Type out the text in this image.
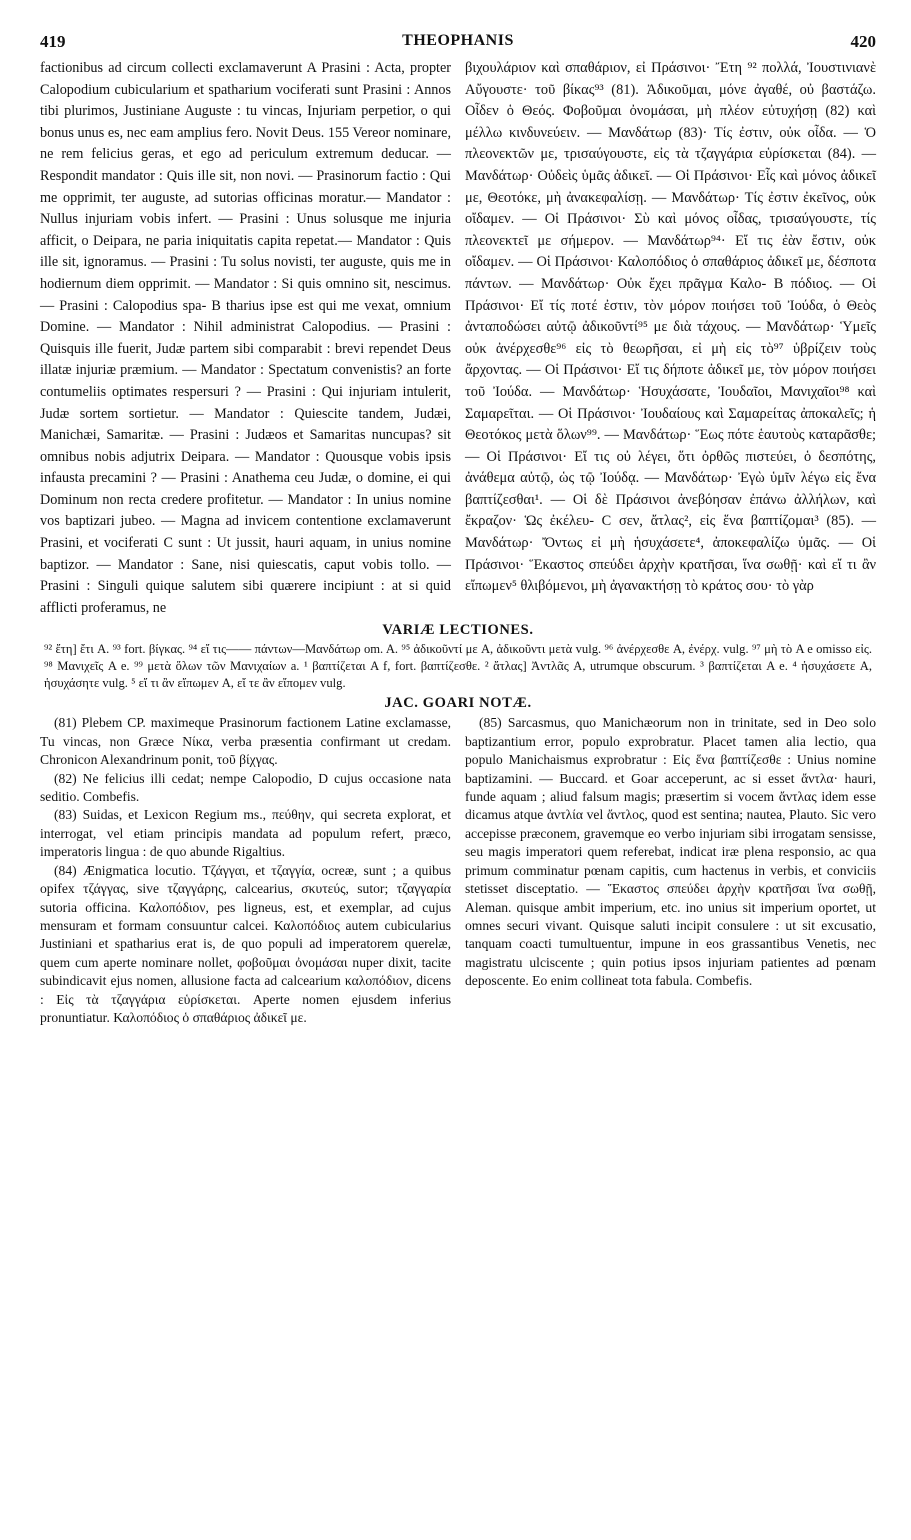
419	THEOPHANIS	420

factionibus ad circum collecti exclamaverunt A Prasini : Acta, propter Calopodium cubicularium et spatharium vociferati sunt Prasini : Annos tibi plurimos, Justiniane Auguste : tu vincas, Injuriam perpetior, o qui bonus unus es, nec eam amplius fero. Novit Deus. 155 Vereor nominare, ne rem felicius geras, et ego ad periculum extremum deducar. — Respondit mandator : Quis ille sit, non novi. — Prasinorum factio : Qui me opprimit, ter auguste, ad sutorias officinas moratur.— Mandator : Nullus injuriam vobis infert. — Prasini : Unus solusque me injuria afficit, o Deipara, ne paria iniquitatis capita repetat.— Mandator : Quis ille sit, ignoramus. — Prasini : Tu solus novisti, ter auguste, quis me in hodiernum diem opprimit. — Mandator : Si quis omnino sit, nescimus. — Prasini : Calopodius spa- B tharius ipse est qui me vexat, omnium Domine. — Mandator : Nihil administrat Calopodius. — Prasini : Quisquis ille fuerit, Judæ partem sibi comparabit : brevi rependet Deus illatæ injuriæ præmium. — Mandator : Spectatum convenistis? an forte contumeliis optimates respersuri ? — Prasini : Qui injuriam intulerit, Judæ sortem sortietur. — Mandator : Quiescite tandem, Judæi, Manichæi, Samaritæ. — Prasini : Judæos et Samaritas nuncupas? sit omnibus nobis adjutrix Deipara. — Mandator : Quousque vobis ipsis infausta precamini ? — Prasini : Anathema ceu Judæ, o domine, ei qui Dominum non recta credere profitetur. — Mandator : In unius nomine vos baptizari jubeo. — Magna ad invicem contentione exclamaverunt Prasini, et vociferati C sunt : Ut jussit, hauri aquam, in unius nomine baptizor. — Mandator : Sane, nisi quiescatis, caput vobis tollo. — Prasini : Singuli quique salutem sibi quærere incipiunt : at si quid afflicti proferamus, ne

βιχουλάριον καὶ σπαθάριον, εἰ Πράσινοι· Ἔτη ⁹² πολλά, Ἰουστινιανὲ Αὔγουστε· τοῦ βίκας⁹³ (81). Ἀδικοῦμαι, μόνε ἀγαθέ, οὐ βαστάζω. Οἶδεν ὁ Θεός. Φοβοῦμαι ὀνομάσαι, μὴ πλέον εὐτυχήσῃ (82) καὶ μέλλω κινδυνεύειν. — Μανδάτωρ (83)· Τίς ἐστιν, οὐκ οἶδα. — Ὁ πλεονεκτῶν με, τρισαύγουστε, εἰς τὰ τζαγγάρια εὑρίσκεται (84). — Μανδάτωρ· Οὐδεὶς ὑμᾶς ἀδικεῖ. — Οἱ Πράσινοι· Εἷς καὶ μόνος ἀδικεῖ με, Θεοτόκε, μὴ ἀνακεφαλίσῃ. — Μανδάτωρ· Τίς ἐστιν ἐκεῖνος, οὐκ οἴδαμεν. — Οἱ Πράσινοι· Σὺ καὶ μόνος οἶδας, τρισαύγουστε, τίς πλεονεκτεῖ με σήμερον. — Μανδάτωρ⁹⁴· Εἴ τις ἐὰν ἔστιν, οὐκ οἴδαμεν. — Οἱ Πράσινοι· Καλοπόδιος ὁ σπαθάριος ἀδικεῖ με, δέσποτα πάντων. — Μανδάτωρ· Οὐκ ἔχει πρᾶγμα Καλο- B πόδιος. — Οἱ Πράσινοι· Εἴ τίς ποτέ ἐστιν, τὸν μόρον ποιήσει τοῦ Ἰούδα, ὁ Θεὸς ἀνταποδώσει αὐτῷ ἀδικοῦντί⁹⁵ με διὰ τάχους. — Μανδάτωρ· Ὑμεῖς οὐκ ἀνέρχεσθε⁹⁶ εἰς τὸ θεωρῆσαι, εἰ μὴ εἰς τὸ⁹⁷ ὑβρίζειν τοὺς ἄρχοντας. — Οἱ Πράσινοι· Εἴ τις δήποτε ἀδικεῖ με, τὸν μόρον ποιήσει τοῦ Ἰούδα. — Μανδάτωρ· Ἡσυχάσατε, Ἰουδαῖοι, Μανιχαῖοι⁹⁸ καὶ Σαμαρεῖται. — Οἱ Πράσινοι· Ἰουδαίους καὶ Σαμαρείτας ἀποκαλεῖς; ἡ Θεοτόκος μετὰ ὅλων⁹⁹. — Μανδάτωρ· Ἕως πότε ἑαυτοὺς καταρᾶσθε; — Οἱ Πράσινοι· Εἴ τις οὐ λέγει, ὅτι ὀρθῶς πιστεύει, ὁ δεσπότης, ἀνάθεμα αὐτῷ, ὡς τῷ Ἰούδᾳ. — Μανδάτωρ· Ἐγὼ ὑμῖν λέγω εἰς ἕνα βαπτίζεσθαι¹. — Οἱ δὲ Πράσινοι ἀνεβόησαν ἐπάνω ἀλλήλων, καὶ ἔκραζον· Ὡς ἐκέλευ- C σεν, ἄτλας², εἰς ἕνα βαπτίζομαι³ (85). — Μανδάτωρ· Ὄντως εἰ μὴ ἡσυχάσετε⁴, ἀποκεφαλίζω ὑμᾶς. — Οἱ Πράσινοι· Ἕκαστος σπεύδει ἀρχὴν κρατῆσαι, ἵνα σωθῇ· καὶ εἴ τι ἂν εἴπωμεν⁵ θλιβόμενοι, μὴ ἀγανακτήσῃ τὸ κράτος σου· τὸ γὰρ

VARIÆ LECTIONES.
⁹² ἔτη] ἔτι A. ⁹³ fort. βίγκας. ⁹⁴ εἴ τις—— πάντων—Μανδάτωρ om. A. ⁹⁵ ἀδικοῦντί με A, ἀδικοῦντι μετὰ vulg. ⁹⁶ ἀνέρχεσθε A, ἐνέρχ. vulg. ⁹⁷ μὴ τὸ A e omisso εἰς. ⁹⁸ Μανιχεῖς A e. ⁹⁹ μετὰ ὅλων τῶν Μανιχαίων a. ¹ βαπτίζεται A f, fort. βαπτίζεσθε. ² ἄτλας] Ἀντλᾶς A, utrumque obscurum. ³ βαπτίζεται A e. ⁴ ἡσυχάσετε A, ἡσυχάσητε vulg. ⁵ εἴ τι ἂν εἴπωμεν A, εἴ τε ἂν εἴπομεν vulg.
JAC. GOARI NOTÆ.

(81) Plebem CP. maximeque Prasinorum factionem Latine exclamasse, Tu vincas, non Græce Νίκα, verba præsentia confirmant ut credam. Chronicon Alexandrinum ponit, τοῦ βίχγας.

(82) Ne felicius illi cedat; nempe Calopodio, D cujus occasione nata seditio. Combefis.

(83) Suidas, et Lexicon Regium ms., πεύθην, qui secreta explorat, et interrogat, vel etiam principis mandata ad populum refert, præco, imperatoris lingua : de quo abunde Rigaltius.

(84) Ænigmatica locutio. Τζάγγαι, et τζαγγία, ocreæ, sunt ; a quibus opifex τζάγγας, sive τζαγγάρης, calcearius, σκυτεύς, sutor; τζαγγαρία sutoria officina. Καλοπόδιον, pes ligneus, est, et exemplar, ad cujus mensuram et formam consuuntur calcei. Καλοπόδιος autem cubicularius Justiniani et spatharius erat is, de quo populi ad imperatorem querelæ, quem cum aperte nominare nollet, φοβοῦμαι ὀνομάσαι nuper dixit, tacite subindicavit ejus nomen, allusione facta ad calcearium καλοπόδιον, dicens : Εἰς τὰ τζαγγάρια εὑρίσκεται. Aperte nomen ejusdem inferius pronuntiatur. Καλοπόδιος ὁ σπαθάριος ἀδικεῖ με.

(85) Sarcasmus, quo Manichæorum non in trinitate, sed in Deo solo baptizantium error, populo exprobratur. Placet tamen alia lectio, qua populo Manichaismus exprobratur : Εἰς ἕνα βαπτίζεσθε : Unius nomine baptizamini. — Buccard. et Goar acceperunt, ac si esset ἄντλα· hauri, funde aquam ; aliud falsum magis; præsertim si vocem ἄντλας idem esse dicamus atque ἀντλία vel ἄντλος, quod est sentina; nautea, Plauto. Sic vero accepisse præconem, gravemque eo verbo injuriam sibi irrogatam sensisse, seu magis imperatori quem referebat, indicat iræ plena responsio, ac qua primum comminatur pœnam capitis, cum hactenus in verbis, et conviciis stetisset disceptatio. — Ἕκαστος σπεύδει ἀρχὴν κρατῆσαι ἵνα σωθῇ, Aleman. quisque ambit imperium, etc. ino unius sit imperium oportet, ut omnes securi vivant. Quisque saluti incipit consulere : ut sit excusatio, tanquam coacti tumultuentur, impune in eos grassantibus Venetis, nec magistratu ulciscente ; quin potius ipsos injuriam patientes ad pœnam deposcente. Eo enim collineat tota fabula. Combefis.
